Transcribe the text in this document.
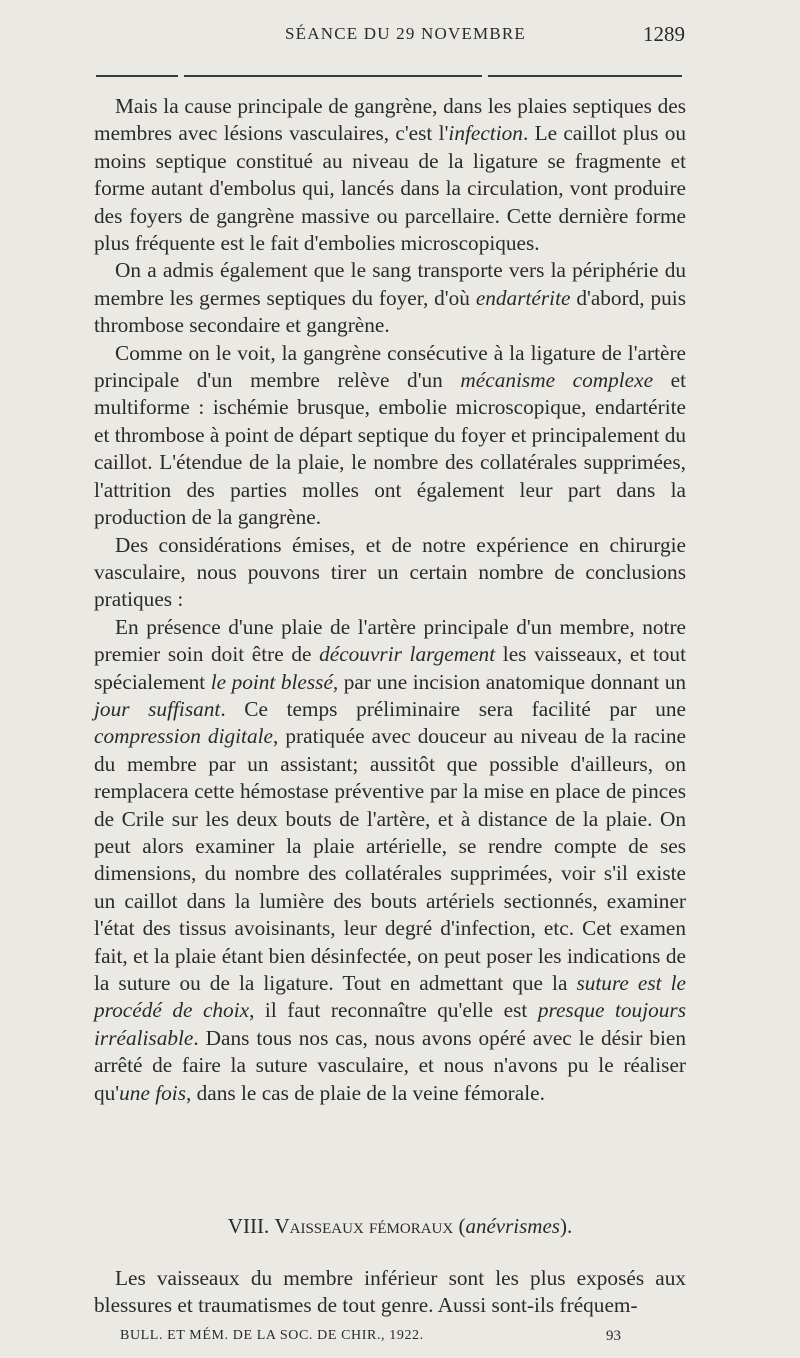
SÉANCE DU 29 NOVEMBRE	1289

Mais la cause principale de gangrène, dans les plaies septiques des membres avec lésions vasculaires, c'est l'infection. Le caillot plus ou moins septique constitué au niveau de la ligature se fragmente et forme autant d'embolus qui, lancés dans la circulation, vont produire des foyers de gangrène massive ou parcellaire. Cette dernière forme plus fréquente est le fait d'embolies microscopiques.

On a admis également que le sang transporte vers la périphérie du membre les germes septiques du foyer, d'où endartérite d'abord, puis thrombose secondaire et gangrène.

Comme on le voit, la gangrène consécutive à la ligature de l'artère principale d'un membre relève d'un mécanisme complexe et multiforme : ischémie brusque, embolie microscopique, endartérite et thrombose à point de départ septique du foyer et principalement du caillot. L'étendue de la plaie, le nombre des collatérales supprimées, l'attrition des parties molles ont également leur part dans la production de la gangrène.

Des considérations émises, et de notre expérience en chirurgie vasculaire, nous pouvons tirer un certain nombre de conclusions pratiques :

En présence d'une plaie de l'artère principale d'un membre, notre premier soin doit être de découvrir largement les vaisseaux, et tout spécialement le point blessé, par une incision anatomique donnant un jour suffisant. Ce temps préliminaire sera facilité par une compression digitale, pratiquée avec douceur au niveau de la racine du membre par un assistant; aussitôt que possible d'ailleurs, on remplacera cette hémostase préventive par la mise en place de pinces de Crile sur les deux bouts de l'artère, et à distance de la plaie. On peut alors examiner la plaie artérielle, se rendre compte de ses dimensions, du nombre des collatérales supprimées, voir s'il existe un caillot dans la lumière des bouts artériels sectionnés, examiner l'état des tissus avoisinants, leur degré d'infection, etc. Cet examen fait, et la plaie étant bien désinfectée, on peut poser les indications de la suture ou de la ligature. Tout en admettant que la suture est le procédé de choix, il faut reconnaître qu'elle est presque toujours irréalisable. Dans tous nos cas, nous avons opéré avec le désir bien arrêté de faire la suture vasculaire, et nous n'avons pu le réaliser qu'une fois, dans le cas de plaie de la veine fémorale.

VIII. Vaisseaux fémoraux (anévrismes).

Les vaisseaux du membre inférieur sont les plus exposés aux blessures et traumatismes de tout genre. Aussi sont-ils fréquem-

BULL. ET MÉM. DE LA SOC. DE CHIR., 1922.	93
